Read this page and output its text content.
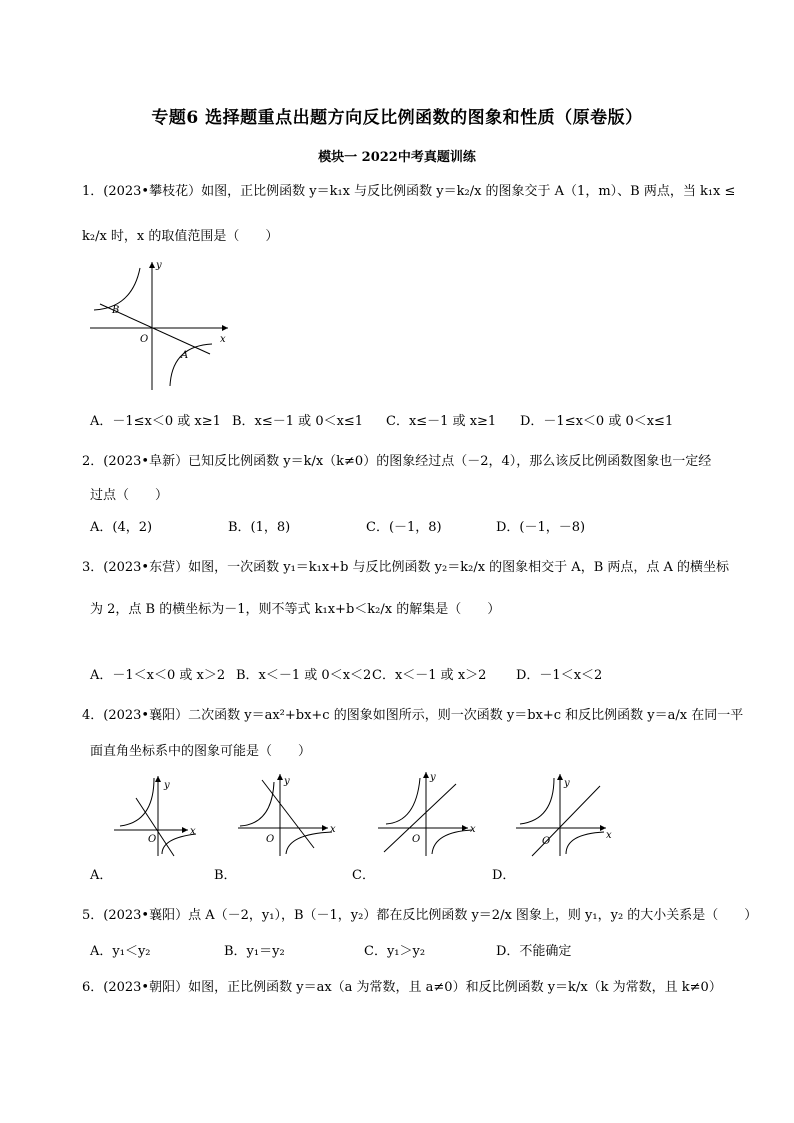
专题6 选择题重点出题方向反比例函数的图象和性质（原卷版）
模块一 2022中考真题训练
1．(2023•攀枝花）如图，正比例函数 y＝k₁x 与反比例函数 y＝k₂/x 的图象交于 A（1，m）、B 两点，当 k₁x ≤
k₂/x 时，x 的取值范围是（　　）
y
x
O
A
B
A．－1≤x＜0 或 x≥1 B．x≤－1 或 0＜x≤1 C．x≤－1 或 x≥1 D．－1≤x＜0 或 0＜x≤1
2．(2023•阜新）已知反比例函数 y＝k/x（k≠0）的图象经过点（－2，4），那么该反比例函数图象也一定经
过点（　　）
A．(4，2)	B．(1，8)	C．(－1，8)	D．(－1，－8)
3．(2023•东营）如图，一次函数 y₁＝k₁x+b 与反比例函数 y₂＝k₂/x 的图象相交于 A，B 两点，点 A 的横坐标
为 2，点 B 的横坐标为－1，则不等式 k₁x+b＜k₂/x 的解集是（　　）
A．－1＜x＜0 或 x＞2 B．x＜－1 或 0＜x＜2 C．x＜－1 或 x＞2 D．－1＜x＜2
4．(2023•襄阳）二次函数 y＝ax²+bx+c 的图象如图所示，则一次函数 y＝bx+c 和反比例函数 y＝a/x 在同一平
面直角坐标系中的图象可能是（　　）
y
x
O
A．
y
x
O
B．
y
x
O
C．
y
x
O
D．
5．(2023•襄阳）点 A（－2，y₁），B（－1，y₂）都在反比例函数 y＝2/x 图象上，则 y₁，y₂ 的大小关系是（　　）
A．y₁＜y₂	B．y₁＝y₂	C．y₁＞y₂	D．不能确定
6．(2023•朝阳）如图，正比例函数 y＝ax（a 为常数，且 a≠0）和反比例函数 y＝k/x（k 为常数，且 k≠0）
